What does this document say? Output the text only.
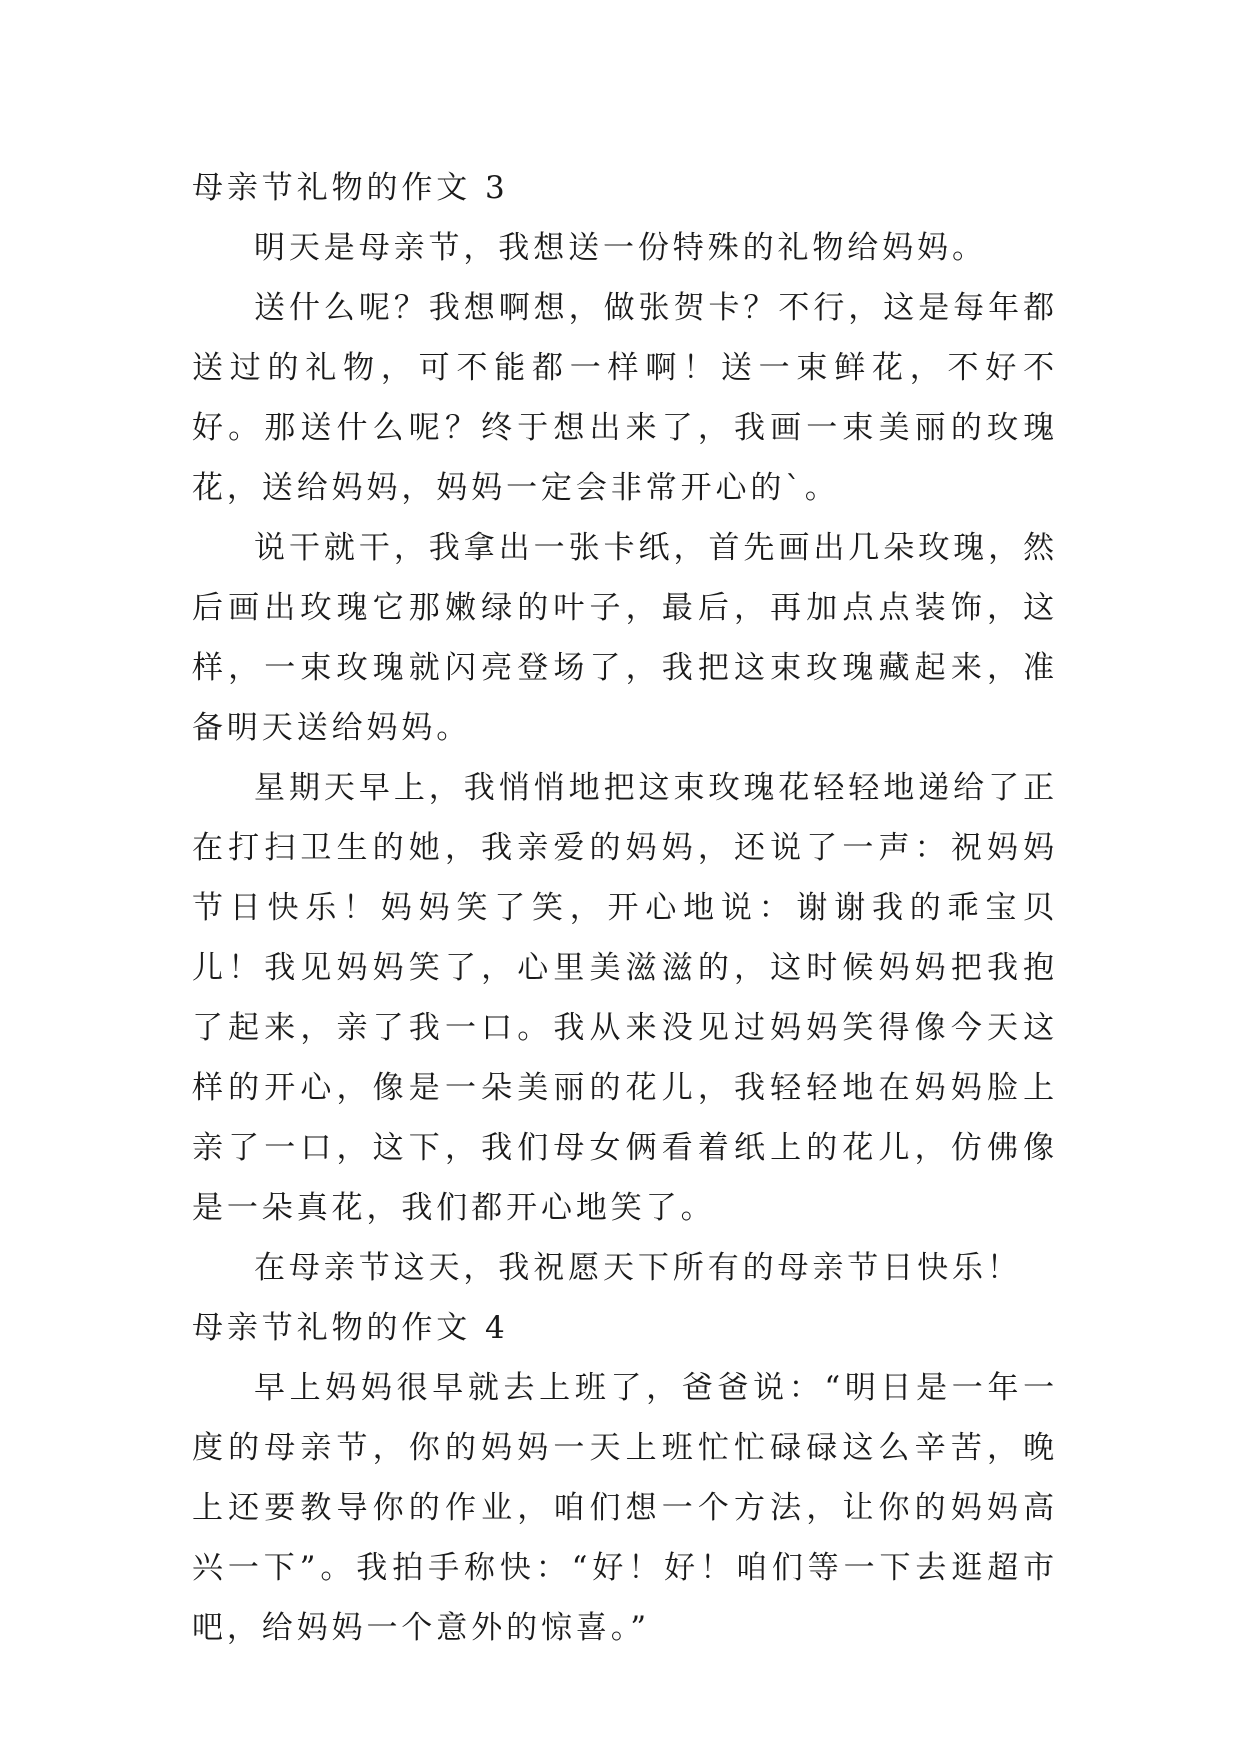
母亲节礼物的作文 3

明天是母亲节，我想送一份特殊的礼物给妈妈。

送什么呢？我想啊想，做张贺卡？不行，这是每年都送过的礼物，可不能都一样啊！送一束鲜花，不好不好。那送什么呢？终于想出来了，我画一束美丽的玫瑰花，送给妈妈，妈妈一定会非常开心的`。

说干就干，我拿出一张卡纸，首先画出几朵玫瑰，然后画出玫瑰它那嫩绿的叶子，最后，再加点点装饰，这样，一束玫瑰就闪亮登场了，我把这束玫瑰藏起来，准备明天送给妈妈。

星期天早上，我悄悄地把这束玫瑰花轻轻地递给了正在打扫卫生的她，我亲爱的妈妈，还说了一声：祝妈妈节日快乐！妈妈笑了笑，开心地说：谢谢我的乖宝贝儿！我见妈妈笑了，心里美滋滋的，这时候妈妈把我抱了起来，亲了我一口。我从来没见过妈妈笑得像今天这样的开心，像是一朵美丽的花儿，我轻轻地在妈妈脸上亲了一口，这下，我们母女俩看着纸上的花儿，仿佛像是一朵真花，我们都开心地笑了。

在母亲节这天，我祝愿天下所有的母亲节日快乐！

母亲节礼物的作文 4

早上妈妈很早就去上班了，爸爸说：“明日是一年一度的母亲节，你的妈妈一天上班忙忙碌碌这么辛苦，晚上还要教导你的作业，咱们想一个方法，让你的妈妈高兴一下”。我拍手称快：“好！好！咱们等一下去逛超市吧，给妈妈一个意外的惊喜。”
